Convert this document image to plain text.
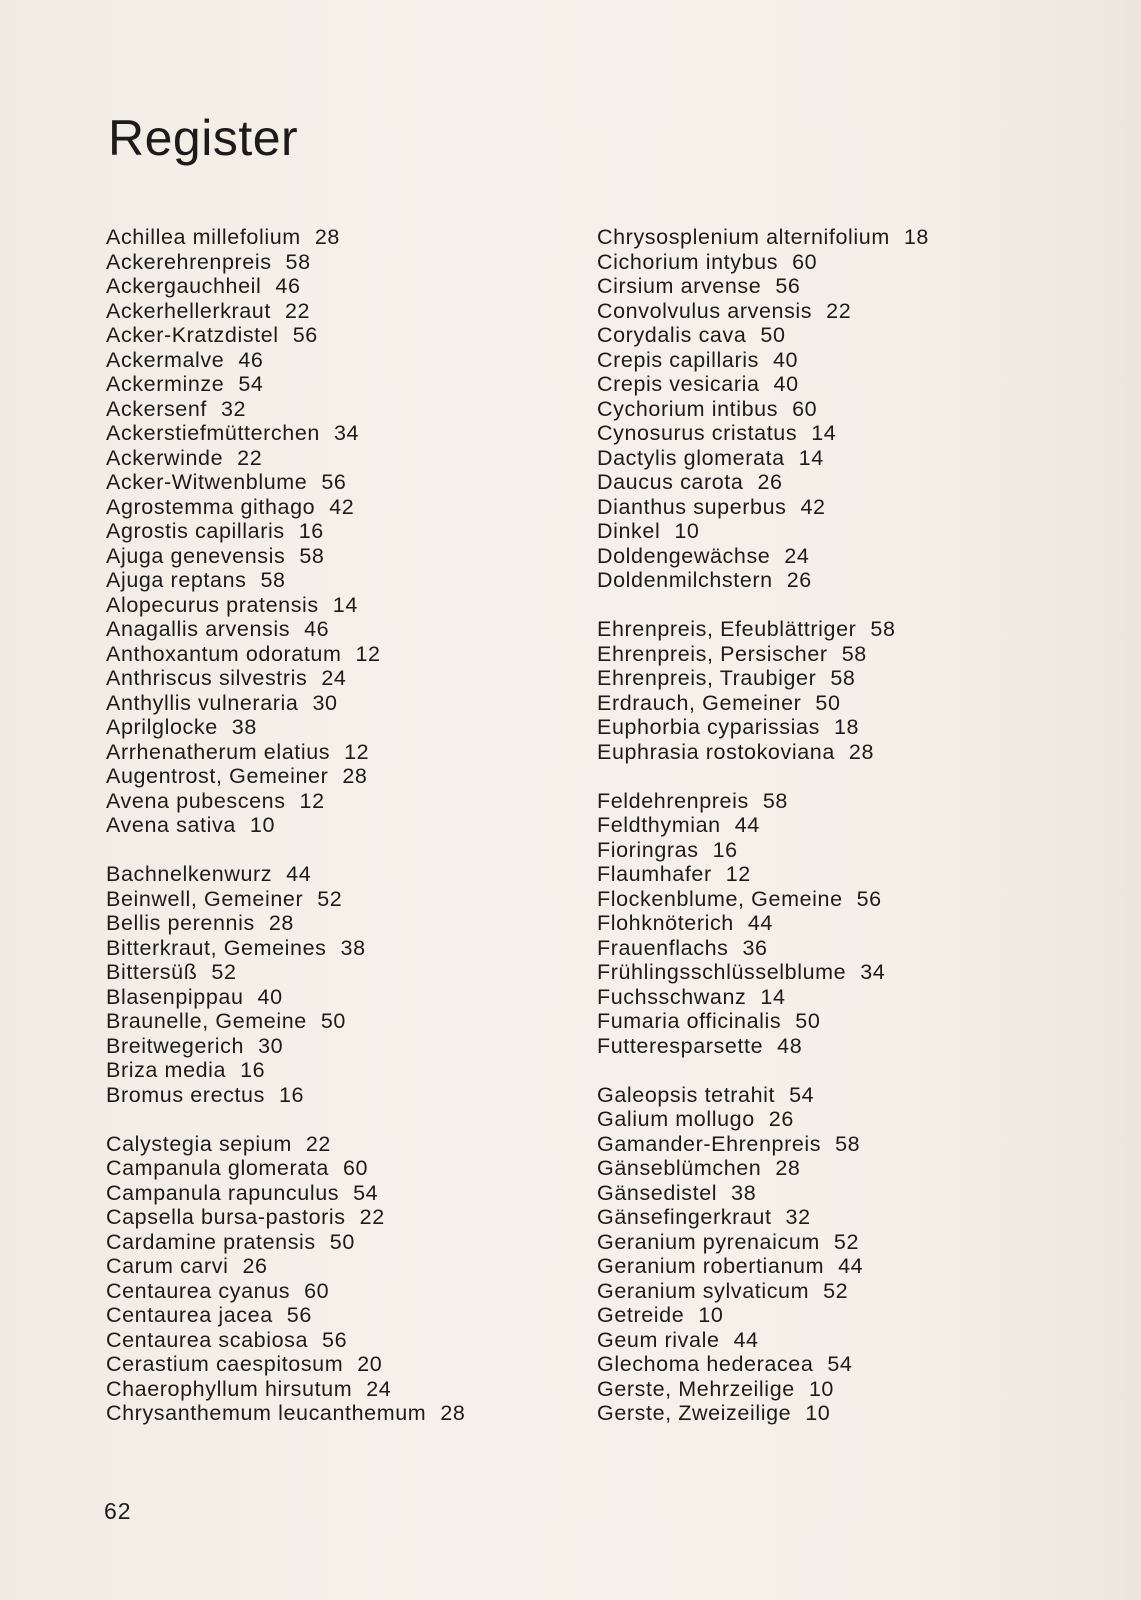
Register
Achillea millefolium 28
Ackerehrenpreis 58
Ackergauchheil 46
Ackerhellerkraut 22
Acker-Kratzdistel 56
Ackermalve 46
Ackerminze 54
Ackersenf 32
Ackerstiefmütterchen 34
Ackerwinde 22
Acker-Witwenblume 56
Agrostemma githago 42
Agrostis capillaris 16
Ajuga genevensis 58
Ajuga reptans 58
Alopecurus pratensis 14
Anagallis arvensis 46
Anthoxantum odoratum 12
Anthriscus silvestris 24
Anthyllis vulneraria 30
Aprilglocke 38
Arrhenatherum elatius 12
Augentrost, Gemeiner 28
Avena pubescens 12
Avena sativa 10
Bachnelkenwurz 44
Beinwell, Gemeiner 52
Bellis perennis 28
Bitterkraut, Gemeines 38
Bittersüß 52
Blasenpippau 40
Braunelle, Gemeine 50
Breitwegerich 30
Briza media 16
Bromus erectus 16
Calystegia sepium 22
Campanula glomerata 60
Campanula rapunculus 54
Capsella bursa-pastoris 22
Cardamine pratensis 50
Carum carvi 26
Centaurea cyanus 60
Centaurea jacea 56
Centaurea scabiosa 56
Cerastium caespitosum 20
Chaerophyllum hirsutum 24
Chrysanthemum leucanthemum 28
Chrysosplenium alternifolium 18
Cichorium intybus 60
Cirsium arvense 56
Convolvulus arvensis 22
Corydalis cava 50
Crepis capillaris 40
Crepis vesicaria 40
Cychorium intibus 60
Cynosurus cristatus 14
Dactylis glomerata 14
Daucus carota 26
Dianthus superbus 42
Dinkel 10
Doldengewächse 24
Doldenmilchstern 26
Ehrenpreis, Efeublättriger 58
Ehrenpreis, Persischer 58
Ehrenpreis, Traubiger 58
Erdrauch, Gemeiner 50
Euphorbia cyparissias 18
Euphrasia rostokoviana 28
Feldehrenpreis 58
Feldthymian 44
Fioringras 16
Flaumhafer 12
Flockenblume, Gemeine 56
Flohknöterich 44
Frauenflachs 36
Frühlingsschlüsselblume 34
Fuchsschwanz 14
Fumaria officinalis 50
Futteresparsette 48
Galeopsis tetrahit 54
Galium mollugo 26
Gamander-Ehrenpreis 58
Gänseblümchen 28
Gänsedistel 38
Gänsefingerkraut 32
Geranium pyrenaicum 52
Geranium robertianum 44
Geranium sylvaticum 52
Getreide 10
Geum rivale 44
Glechoma hederacea 54
Gerste, Mehrzeilige 10
Gerste, Zweizeilige 10
62
